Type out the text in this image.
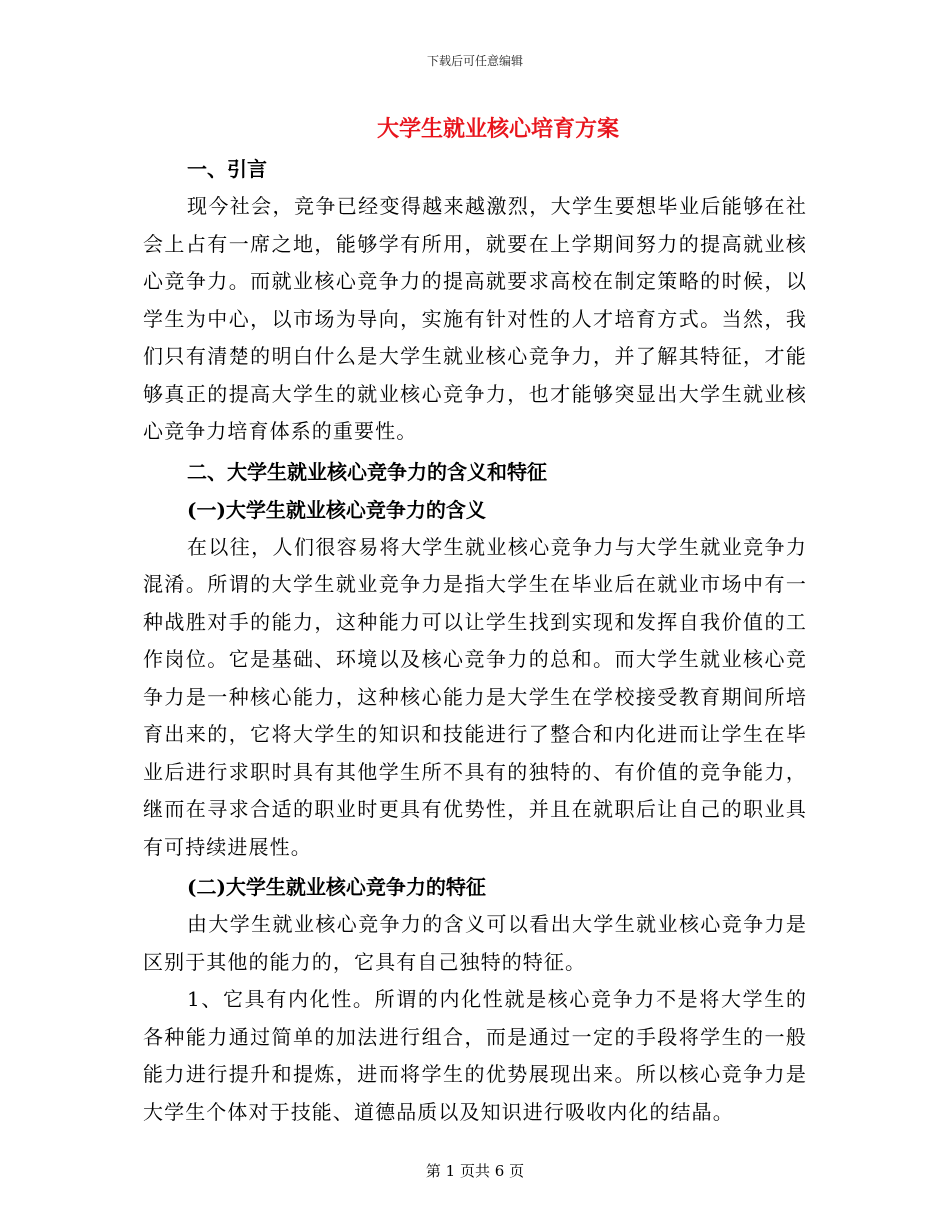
下载后可任意编辑
大学生就业核心培育方案

一、引言

现今社会，竞争已经变得越来越激烈，大学生要想毕业后能够在社会上占有一席之地，能够学有所用，就要在上学期间努力的提高就业核心竞争力。而就业核心竞争力的提高就要求高校在制定策略的时候，以学生为中心，以市场为导向，实施有针对性的人才培育方式。当然，我们只有清楚的明白什么是大学生就业核心竞争力，并了解其特征，才能够真正的提高大学生的就业核心竞争力，也才能够突显出大学生就业核心竞争力培育体系的重要性。

二、大学生就业核心竞争力的含义和特征

(一)大学生就业核心竞争力的含义

在以往，人们很容易将大学生就业核心竞争力与大学生就业竞争力混淆。所谓的大学生就业竞争力是指大学生在毕业后在就业市场中有一种战胜对手的能力，这种能力可以让学生找到实现和发挥自我价值的工作岗位。它是基础、环境以及核心竞争力的总和。而大学生就业核心竞争力是一种核心能力，这种核心能力是大学生在学校接受教育期间所培育出来的，它将大学生的知识和技能进行了整合和内化进而让学生在毕业后进行求职时具有其他学生所不具有的独特的、有价值的竞争能力，继而在寻求合适的职业时更具有优势性，并且在就职后让自己的职业具有可持续进展性。

(二)大学生就业核心竞争力的特征

由大学生就业核心竞争力的含义可以看出大学生就业核心竞争力是区别于其他的能力的，它具有自己独特的特征。

1、它具有内化性。所谓的内化性就是核心竞争力不是将大学生的各种能力通过简单的加法进行组合，而是通过一定的手段将学生的一般能力进行提升和提炼，进而将学生的优势展现出来。所以核心竞争力是大学生个体对于技能、道德品质以及知识进行吸收内化的结晶。

第 1 页共 6 页
